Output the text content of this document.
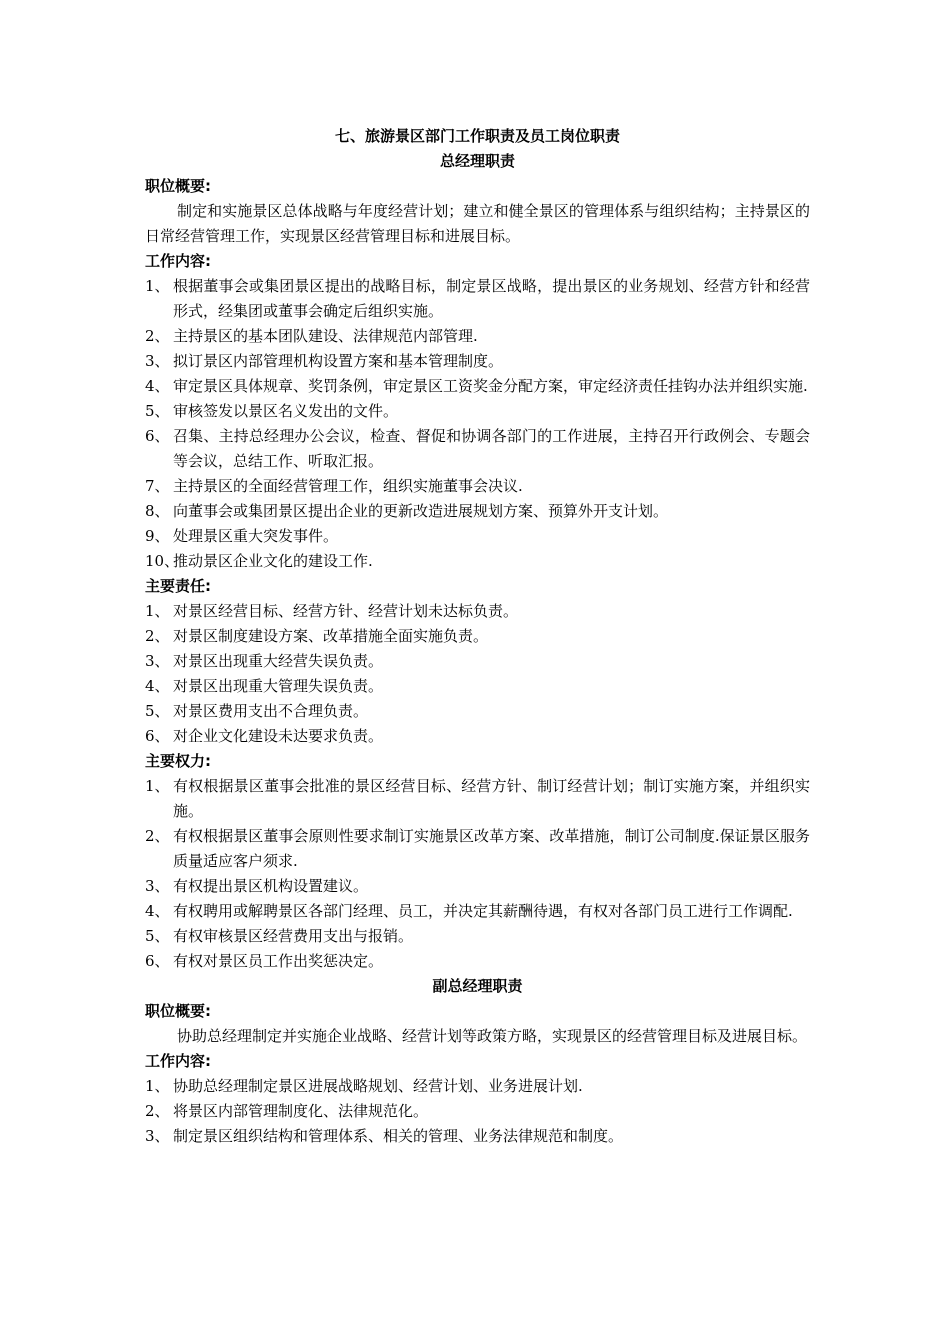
七、旅游景区部门工作职责及员工岗位职责
总经理职责
职位概要:
制定和实施景区总体战略与年度经营计划；建立和健全景区的管理体系与组织结构；主持景区的日常经营管理工作，实现景区经营管理目标和进展目标。
工作内容:
1、 根据董事会或集团景区提出的战略目标，制定景区战略，提出景区的业务规划、经营方针和经营形式，经集团或董事会确定后组织实施。
2、 主持景区的基本团队建设、法律规范内部管理.
3、 拟订景区内部管理机构设置方案和基本管理制度。
4、 审定景区具体规章、奖罚条例，审定景区工资奖金分配方案，审定经济责任挂钩办法并组织实施.
5、 审核签发以景区名义发出的文件。
6、 召集、主持总经理办公会议，检查、督促和协调各部门的工作进展，主持召开行政例会、专题会等会议，总结工作、听取汇报。
7、 主持景区的全面经营管理工作，组织实施董事会决议.
8、 向董事会或集团景区提出企业的更新改造进展规划方案、预算外开支计划。
9、 处理景区重大突发事件。
10、
推动景区企业文化的建设工作.
主要责任:
1、 对景区经营目标、经营方针、经营计划未达标负责。
2、 对景区制度建设方案、改革措施全面实施负责。
3、 对景区出现重大经营失误负责。
4、 对景区出现重大管理失误负责。
5、 对景区费用支出不合理负责。
6、 对企业文化建设未达要求负责。
主要权力:
1、 有权根据景区董事会批准的景区经营目标、经营方针、制订经营计划；制订实施方案，并组织实施。
2、 有权根据景区董事会原则性要求制订实施景区改革方案、改革措施，制订公司制度.保证景区服务质量适应客户须求.
3、 有权提出景区机构设置建议。
4、 有权聘用或解聘景区各部门经理、员工，并决定其薪酬待遇，有权对各部门员工进行工作调配.
5、 有权审核景区经营费用支出与报销。
6、 有权对景区员工作出奖惩决定。
副总经理职责
职位概要:
协助总经理制定并实施企业战略、经营计划等政策方略，实现景区的经营管理目标及进展目标。
工作内容:
1、 协助总经理制定景区进展战略规划、经营计划、业务进展计划.
2、 将景区内部管理制度化、法律规范化。
3、 制定景区组织结构和管理体系、相关的管理、业务法律规范和制度。
